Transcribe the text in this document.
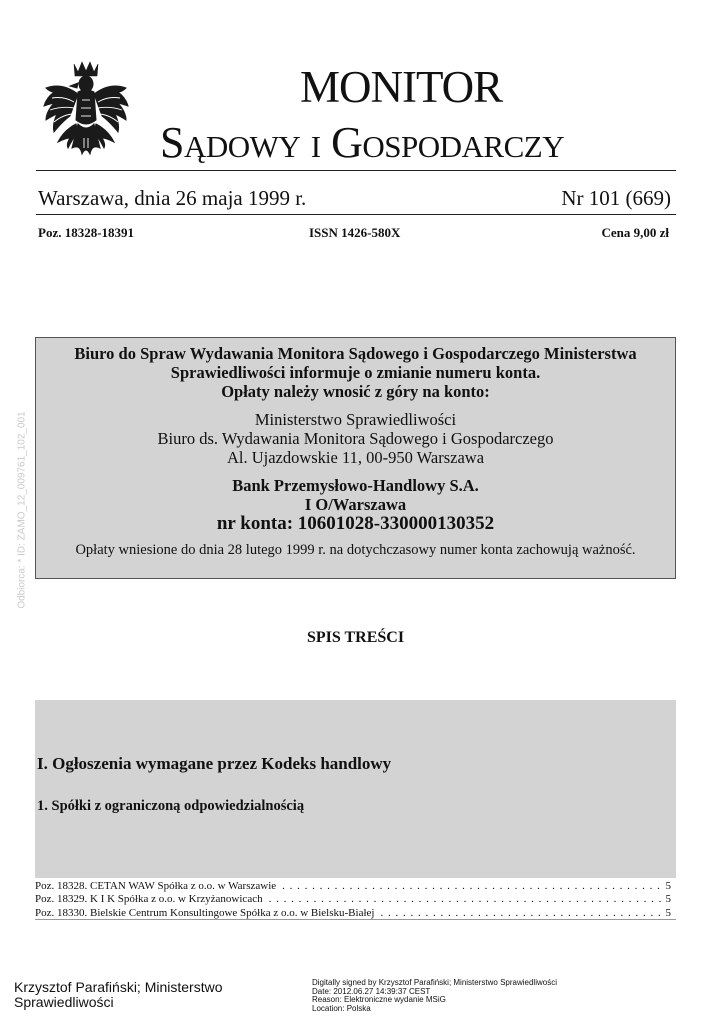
MONITOR
Sądowy i Gospodarczy
Warszawa, dnia 26 maja 1999 r.	Nr 101 (669)
Poz. 18328-18391	ISSN 1426-580X	Cena 9,00 zł
Odbiorca: * ID: ZAMO_12_009761_102_001
Biuro do Spraw Wydawania Monitora Sądowego i Gospodarczego Ministerstwa
Sprawiedliwości informuje o zmianie numeru konta.
Opłaty należy wnosić z góry na konto:
Ministerstwo Sprawiedliwości
Biuro ds. Wydawania Monitora Sądowego i Gospodarczego
Al. Ujazdowskie 11, 00-950 Warszawa
Bank Przemysłowo-Handlowy S.A.
I O/Warszawa
nr konta: 10601028-330000130352
Opłaty wniesione do dnia 28 lutego 1999 r. na dotychczasowy numer konta zachowują ważność.
SPIS TREŚCI
I. Ogłoszenia wymagane przez Kodeks handlowy
1. Spółki z ograniczoną odpowiedzialnością
Poz. 18328. CETAN WAW Spółka z o.o. w Warszawie . . .	5
Poz. 18329. K I K Spółka z o.o. w Krzyżanowicach . . .	5
Poz. 18330. Bielskie Centrum Konsultingowe Spółka z o.o. w Bielsku-Białej . . .	5
Krzysztof Parafiński; Ministerstwo
Sprawiedliwości
Digitally signed by Krzysztof Parafiński; Ministerstwo Sprawiedliwości
Date: 2012.06.27 14:39:37 CEST
Reason: Elektroniczne wydanie MSiG
Location: Polska
